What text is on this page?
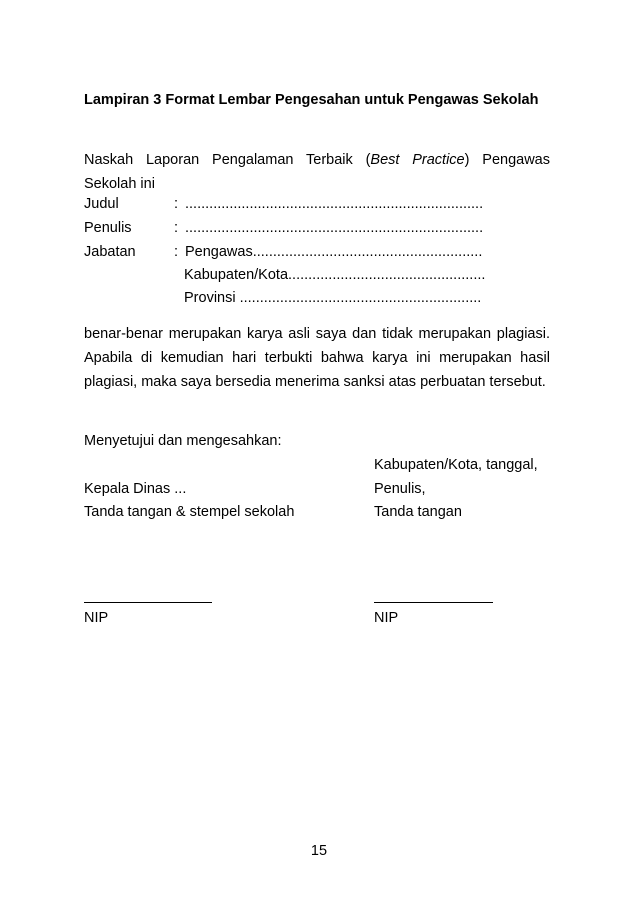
Lampiran 3 Format Lembar Pengesahan untuk Pengawas Sekolah
Naskah Laporan Pengalaman Terbaik (Best Practice) Pengawas Sekolah ini
Judul	: ..........................................................................
Penulis	: ..........................................................................
Jabatan	: Pengawas.........................................................
Kabupaten/Kota.................................................
Provinsi ............................................................
benar-benar merupakan karya asli saya dan tidak merupakan plagiasi. Apabila di kemudian hari terbukti bahwa karya ini merupakan hasil plagiasi, maka saya bersedia menerima sanksi atas perbuatan tersebut.
Menyetujui dan mengesahkan:
Kabupaten/Kota, tanggal,
Kepala Dinas ...	Penulis,
Tanda tangan & stempel sekolah	Tanda tangan
NIP	NIP
15
